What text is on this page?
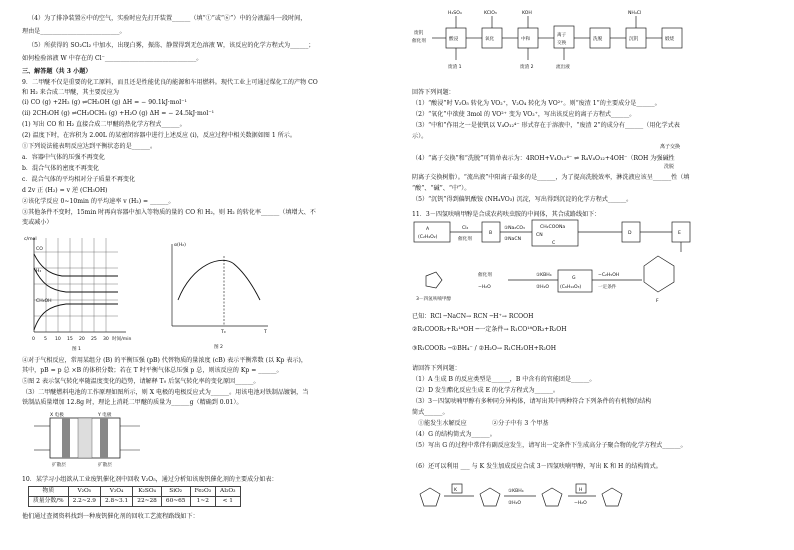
（4）为了排净装置⑥中的空气，实验时应先打开装置______（填“①”或“⑥”）中的分液漏斗一段时间，
理由是__________________________。
（5）所获得的 SO₂Cl₂ 中加水，出现白雾，振荡、静置得到无色溶液 W，该反应的化学方程式为______；
如何检验溶液 W 中存在的 Cl⁻______________________________。
三、解答题（共 3 小题）
9．二甲醚不仅是重要的化工原料，而且还是性能优良的能源和车用燃料。现代工业上可通过煤化工的产物 CO
和 H₂ 来合成二甲醚，其主要反应为
(i) CO (g) +2H₂ (g) ⇌CH₃OH (g) ΔH = − 90.1kJ·mol⁻¹
(ii) 2CH₃OH (g) ⇌CH₃OCH₃ (g) +H₂O (g) ΔH = − 24.5kJ·mol⁻¹
(1) 写出 CO 和 H₂ 直接合成二甲醚的热化学方程式______。
(2) 温度下时，在容积为 2.00L 的某密闭容器中进行上述反应 (i)，反应过程中相关数据如图 1 所示。
①下列说法能表明反应达到平衡状态的是______。
a．容器中气体的压强不再变化
b．混合气体的密度不再变化
c．混合气体的平均相对分子质量不再变化
d 2v 正 (H₂) = v 逆 (CH₃OH)
②该化学反应 0~10min 的平均速率 v (H₂) = ______。
③其他条件不变时，15min 时再向容器中加入等物质的量的 CO 和 H₂，则 H₂ 的转化率______（填增大、不
变或减小）
CO
H₂
CH₃OH
c/mol
时间/min
0 5 10 15 20 25 30
图 1
α(H₂)
T₀	T
图 2
④对于气相反应，常用某组分 (B) 的平衡压强 (pB) 代替物质的量浓度 (cB) 表示平衡常数 (以 Kp 表示)，
其中，pB = p 总 ×B 的体积分数；若在 T 时平衡气体总压强 p 总，则该反应的 Kp = ______。
⑤图 2 表示氢气转化率随温度变化的趋势，请解释 T₀ 后氢气转化率的变化原因______。
（3）二甲醚燃料电池的工作原理如图所示，则 X 电极的电极反应式为______。用该电池对铁制品镀铜，当
铁制品质量增加 12.8g 时，理论上消耗二甲醚的质量为______g（精确到 0.01）。
X 电极	Y 电极
扩散层	扩散层
10．某学习小组欲从工业废钒催化剂中回收 V₂O₅，通过分析知该废钒催化剂的主要成分如表：
物质	V₂O₅	V₂O₄	K₂SO₄	SiO₂	Fe₂O₃	Al₂O₃
质量分数/%	2.2~2.9	2.8~3.1	22~28	60~65	1~2	< 1
他们通过查阅资料找到一种废钒催化剂的回收工艺流程路线如下：
废钒
催化剂	酸浸	氧化	中和
离子
交换
洗脱	沉钒	煅烧
H₂SO₄	KClO₃	KOH	NH₄Cl
废渣 1	废渣 2	流出液
回答下列问题：
（1）“酸浸”时 V₂O₅ 转化为 VO₂⁺，V₂O₄ 转化为 VO²⁺。则“废渣 1”的主要成分是______。
（2）“氧化”中欲使 3mol 的 VO²⁺ 变为 VO₂⁺，写出该反应的离子方程式______。
（3）“中和”作用之一是使钒以 V₄O₁₂⁴⁻ 形式存在于溶液中，“废渣 2”的成分有______（用化学式表
示）。
离子交换
（4）“离子交换”和“洗脱”可简单表示为：4ROH+V₄O₁₂⁴⁻ ⇌ R₄V₄O₁₂+4OH⁻（ROH 为强碱性
洗脱
阴离子交换树脂）。“流出液”中阳离子最多的是______，为了提高洗脱效率，淋洗液应该呈______性（填
“酸”、“碱”、“中”）。
（5）“沉钒”得到偏钒酸铵 (NH₄VO₃) 沉淀，写出得到沉淀的化学方程式______。
11．3－四氢呋喃甲醇是合成农药呋虫胺的中间体，其合成路线如下：
A
(C₂H₄O₂)
Cl₂
催化剂
B
①Na₂CO₃
②NaCN
CH₂COONa
CN
C
D	E
G
(C₆H₁₄O₃)
−C₂H₅OH
一定条件
①KBH₄
②H₂O
催化剂
−H₂O
F
3－四氢呋喃甲醇
已知：RCl ─NaCN→ RCN ─H⁺→ RCOOH
②R₁COOR₂+R₃¹⁸OH ─一定条件→ R₁CO¹⁸OR₃+R₂OH
③R₁COOR₂ ─①BH₄⁻ / ②H₂O→ R₁CH₂OH+R₂OH
请回答下列问题：
（1）A 生成 B 的反应类型是______，B 中含有的官能团是______。
（2）D 发生酯化反应生成 E 的化学方程式为______。
（3）3－四氢呋喃甲醇有多种同分异构体，请写出其中两种符合下列条件的有机物的结构
简式______。
①能发生水解反应	②分子中有 3 个甲基
（4）G 的结构简式为______。
（5）写出 G 的过程中常伴有副反应发生，请写出一定条件下生成高分子聚合物的化学方程式______。
（6）还可以利用 ___ 与 K 发生加成反应合成 3－四氢呋喃甲醇，写出 K 和 H 的结构简式。
K	①KBH₄
②H₂O
H
−H₂O
